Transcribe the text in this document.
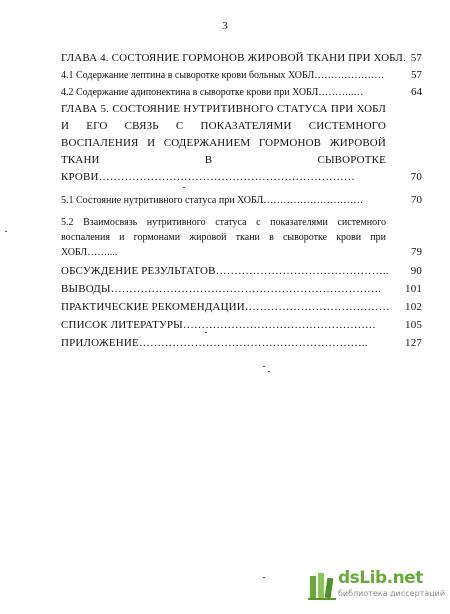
3
ГЛАВА 4. СОСТОЯНИЕ ГОРМОНОВ ЖИРОВОЙ ТКАНИ ПРИ ХОБЛ. 57
4.1 Содержание лептина в сыворотке крови больных ХОБЛ…………………	57
4.2 Содержание адипонектина в сыворотке крови при ХОБЛ………..…	64
ГЛАВА 5. СОСТОЯНИЕ НУТРИТИВНОГО СТАТУСА ПРИ ХОБЛ И ЕГО СВЯЗЬ С ПОКАЗАТЕЛЯМИ СИСТЕМНОГО ВОСПАЛЕНИЯ И СОДЕРЖАНИЕМ ГОРМОНОВ ЖИРОВОЙ ТКАНИ В СЫВОРОТКЕ КРОВИ……………………………………………………………	70
5.1 Состояние нутритивного статуса при ХОБЛ…………………………	70
5.2 Взаимосвязь нутритивного статуса с показателями системного воспаления и гормонами жировой ткани в сыворотке крови при ХОБЛ……....	79
ОБСУЖДЕНИЕ РЕЗУЛЬТАТОВ………………………………………..	90
ВЫВОДЫ……………………………………………………………….	101
ПРАКТИЧЕСКИЕ РЕКОМЕНДАЦИИ…………………………………	102
СПИСОК ЛИТЕРАТУРЫ…………………………………………….	105
ПРИЛОЖЕНИЕ……………………………………………………..	127
dsLib.net
библиотека диссертаций
